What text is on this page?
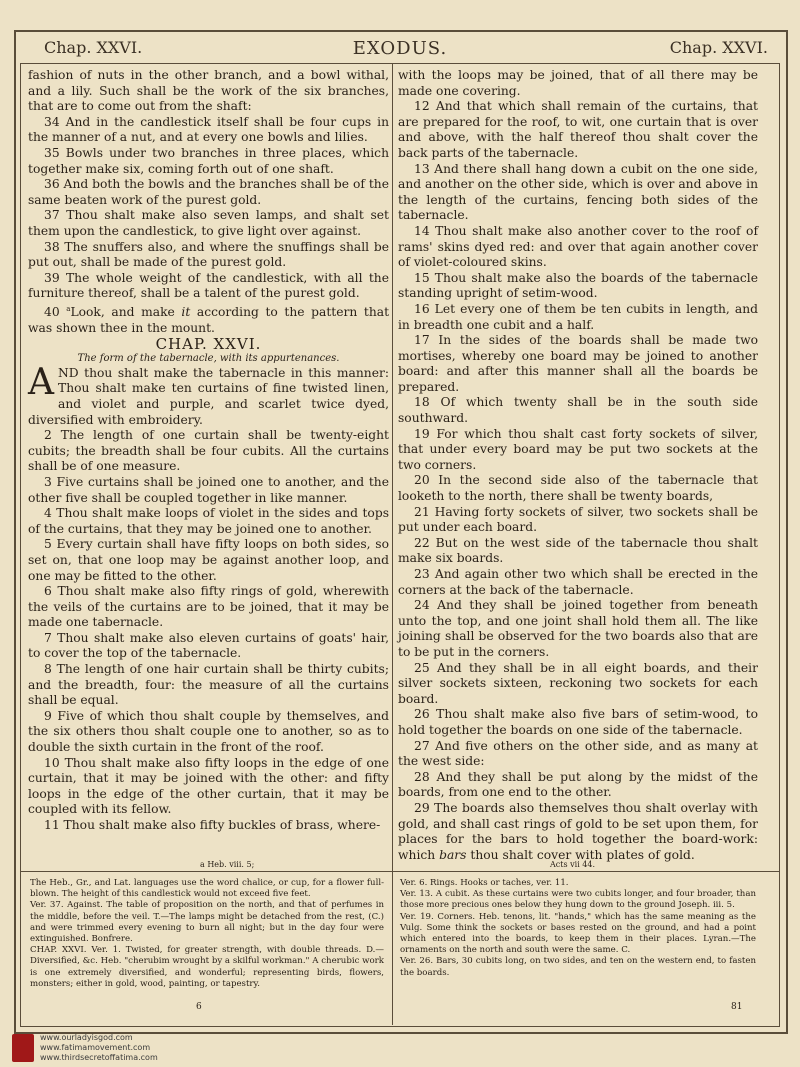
Chap. XXVI.	EXODUS.	Chap. XXVI.

fashion of nuts in the other branch, and a bowl withal, and a lily. Such shall be the work of the six branches, that are to come out from the shaft:

34 And in the candlestick itself shall be four cups in the manner of a nut, and at every one bowls and lilies.

35 Bowls under two branches in three places, which together make six, coming forth out of one shaft.

36 And both the bowls and the branches shall be of the same beaten work of the purest gold.

37 Thou shalt make also seven lamps, and shalt set them upon the candlestick, to give light over against.

38 The snuffers also, and where the snuffings shall be put out, shall be made of the purest gold.

39 The whole weight of the candlestick, with all the furniture thereof, shall be a talent of the purest gold.

40 $^a$Look, and make it according to the pattern that was shown thee in the mount.

CHAP. XXVI.
The form of the tabernacle, with its appurtenances.

AND thou shalt make the tabernacle in this manner: Thou shalt make ten curtains of fine twisted linen, and violet and purple, and scarlet twice dyed, diversified with embroidery.

2 The length of one curtain shall be twenty-eight cubits; the breadth shall be four cubits. All the curtains shall be of one measure.

3 Five curtains shall be joined one to another, and the other five shall be coupled together in like manner.

4 Thou shalt make loops of violet in the sides and tops of the curtains, that they may be joined one to another.

5 Every curtain shall have fifty loops on both sides, so set on, that one loop may be against another loop, and one may be fitted to the other.

6 Thou shalt make also fifty rings of gold, wherewith the veils of the curtains are to be joined, that it may be made one tabernacle.

7 Thou shalt make also eleven curtains of goats' hair, to cover the top of the tabernacle.

8 The length of one hair curtain shall be thirty cubits; and the breadth, four: the measure of all the curtains shall be equal.

9 Five of which thou shalt couple by themselves, and the six others thou shalt couple one to another, so as to double the sixth curtain in the front of the roof.

10 Thou shalt make also fifty loops in the edge of one curtain, that it may be joined with the other: and fifty loops in the edge of the other curtain, that it may be coupled with its fellow.

11 Thou shalt make also fifty buckles of brass, where-

with the loops may be joined, that of all there may be made one covering.

12 And that which shall remain of the curtains, that are prepared for the roof, to wit, one curtain that is over and above, with the half thereof thou shalt cover the back parts of the tabernacle.

13 And there shall hang down a cubit on the one side, and another on the other side, which is over and above in the length of the curtains, fencing both sides of the tabernacle.

14 Thou shalt make also another cover to the roof of rams' skins dyed red: and over that again another cover of violet-coloured skins.

15 Thou shalt make also the boards of the tabernacle standing upright of setim-wood.

16 Let every one of them be ten cubits in length, and in breadth one cubit and a half.

17 In the sides of the boards shall be made two mortises, whereby one board may be joined to another board: and after this manner shall all the boards be prepared.

18 Of which twenty shall be in the south side southward.

19 For which thou shalt cast forty sockets of silver, that under every board may be put two sockets at the two corners.

20 In the second side also of the tabernacle that looketh to the north, there shall be twenty boards,

21 Having forty sockets of silver, two sockets shall be put under each board.

22 But on the west side of the tabernacle thou shalt make six boards.

23 And again other two which shall be erected in the corners at the back of the tabernacle.

24 And they shall be joined together from beneath unto the top, and one joint shall hold them all. The like joining shall be observed for the two boards also that are to be put in the corners.

25 And they shall be in all eight boards, and their silver sockets sixteen, reckoning two sockets for each board.

26 Thou shalt make also five bars of setim-wood, to hold together the boards on one side of the tabernacle.

27 And five others on the other side, and as many at the west side:

28 And they shall be put along by the midst of the boards, from one end to the other.

29 The boards also themselves thou shalt overlay with gold, and shall cast rings of gold to be set upon them, for places for the bars to hold together the board-work: which bars thou shalt cover with plates of gold.

a Heb. viii. 5;	Acts vii 44.

The Heb., Gr., and Lat. languages use the word chalice, or cup, for a flower full-blown. The height of this candlestick would not exceed five feet.

Ver. 37. Against. The table of proposition on the north, and that of perfumes in the middle, before the veil. T.—The lamps might be detached from the rest, (C.) and were trimmed every evening to burn all night; but in the day four were extinguished. Bonfrere.

CHAP. XXVI. Ver. 1. Twisted, for greater strength, with double threads. D.—Diversified, &c. Heb. "cherubim wrought by a skilful workman." A cherubic work is one extremely diversified, and wonderful; representing birds, flowers, monsters; either in gold, wood, painting, or tapestry.

Ver. 6. Rings. Hooks or taches, ver. 11.

Ver. 13. A cubit. As these curtains were two cubits longer, and four broader, than those more precious ones below they hung down to the ground Joseph. iii. 5.

Ver. 19. Corners. Heb. tenons, lit. "hands," which has the same meaning as the Vulg. Some think the sockets or bases rested on the ground, and had a point which entered into the boards, to keep them in their places. Lyran.—The ornaments on the north and south were the same. C.

Ver. 26. Bars, 30 cubits long, on two sides, and ten on the western end, to fasten the boards.

6	81
www.ourladyisgod.com
www.fatimamovement.com
www.thirdsecretoffatima.com
